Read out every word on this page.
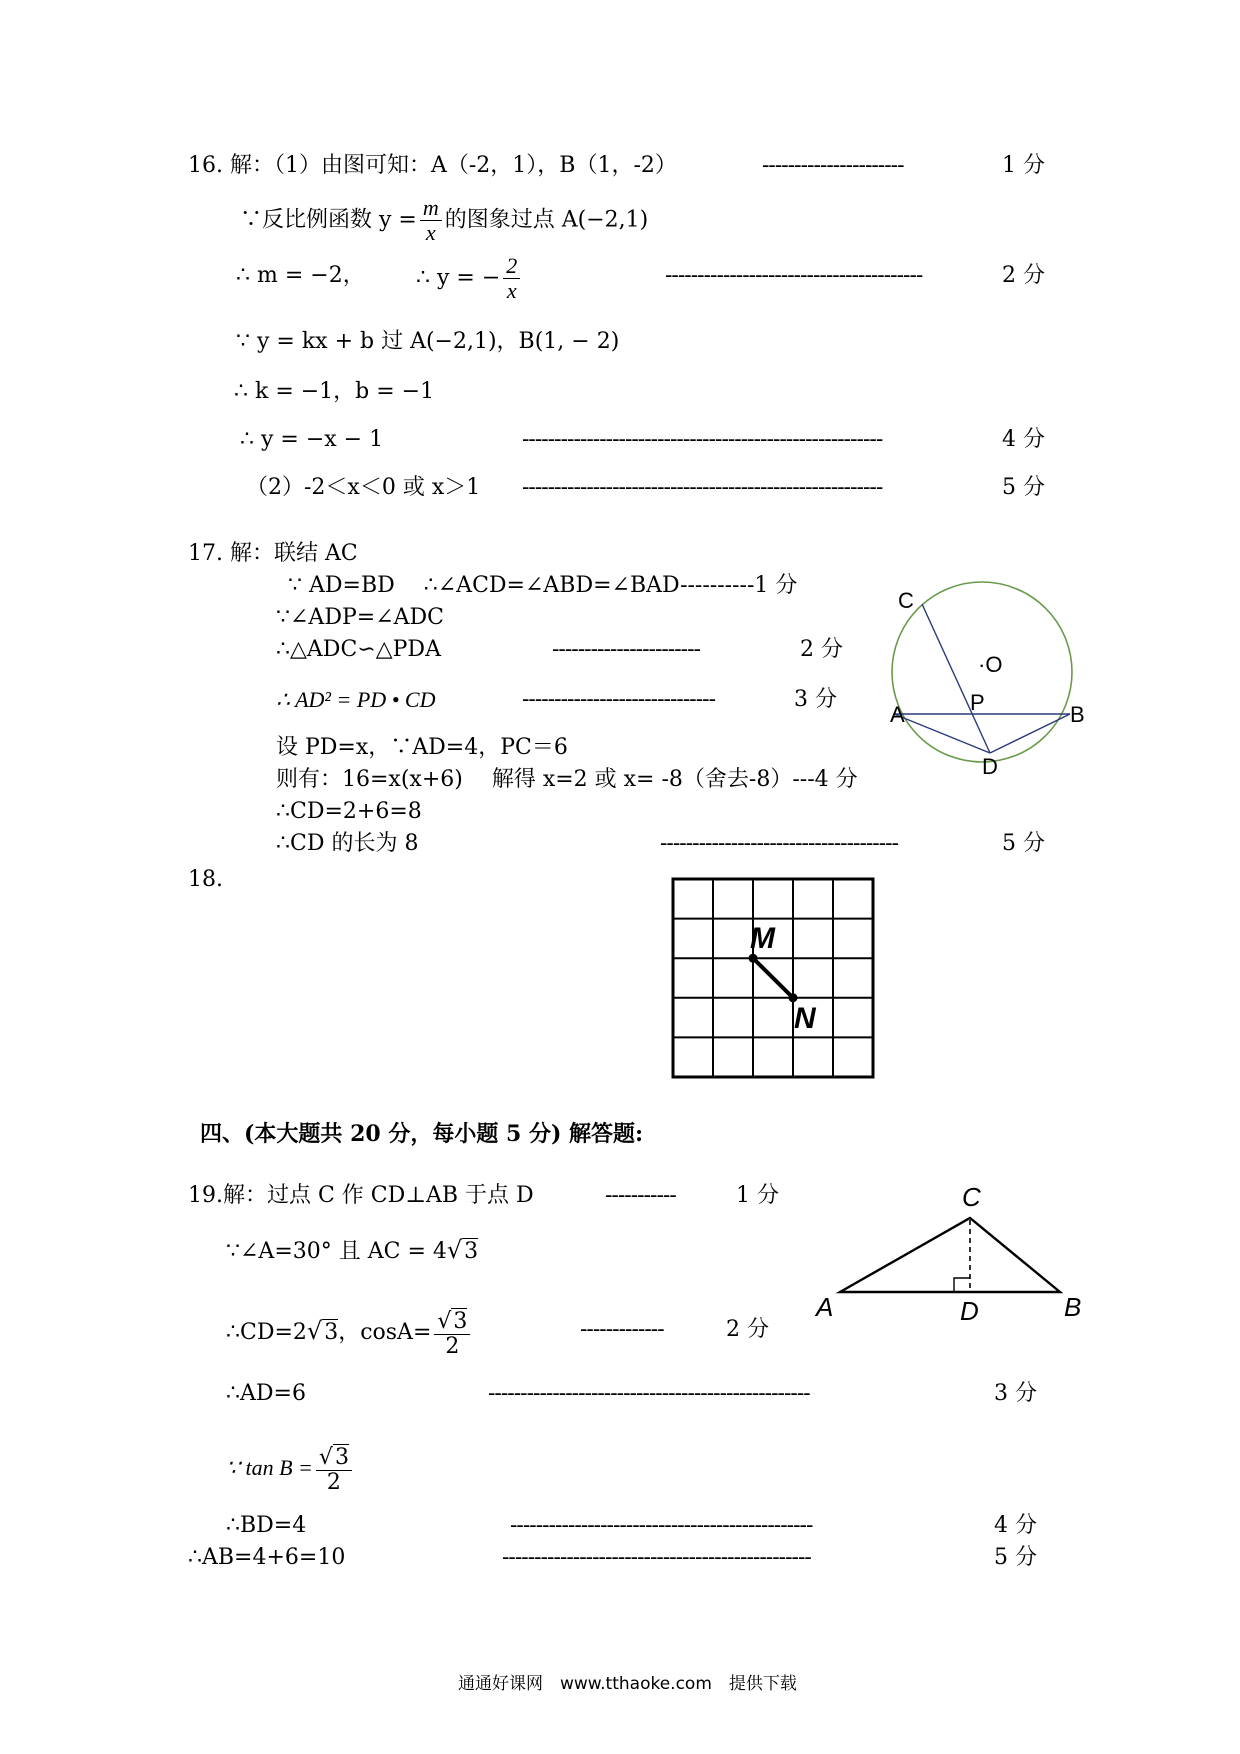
16. 解：（1）由图可知：A（-2，1），B（1，-2）	----------------------	1 分
∵反比例函数 $y = \frac{m}{x}$ 的图象过点 A(−2,1)
∴ m = −2， ∴ y = − $\frac{2}{x}$	----------------------------------------	2 分
∵ y = kx + b 过 A(−2,1)，B(1, − 2)
∴ k = −1，b = −1
∴ y = −x − 1	--------------------------------------------------------	4 分
（2）-2＜x＜0 或 x＞1 --------------------------------------------------------	5 分
17. 解：联结 AC
∵ AD=BD　 ∴∠ACD=∠ABD=∠BAD----------1 分
∵∠ADP=∠ADC
∴△ADC∽△PDA	-----------------------	2 分
∴ AD² = PD • CD	------------------------------	3 分
设 PD=x，∵AD=4，PC＝6
则有：16=x(x+6)　 解得 x=2 或 x= -8（舍去-8）---4 分
∴CD=2+6=8
∴CD 的长为 8	-------------------------------------	5 分
C
·O
P
A	B
D
18.
M
N
四、(本大题共 20 分，每小题 5 分) 解答题:
19.解：过点 C 作 CD⊥AB 于点 D	-----------	1 分
∵∠A=30° 且 AC = 4√3
∴CD=2√3，$\cos A= \frac{√3}{2}$	-------------	2 分
∴AD=6	--------------------------------------------------	3 分
∵ $\tan B = \frac{√3}{2}$
∴BD=4	-----------------------------------------------	4 分
∴AB=4+6=10	------------------------------------------------	5 分
C
A	D	B
通通好课网　www.tthaoke.com　提供下载
